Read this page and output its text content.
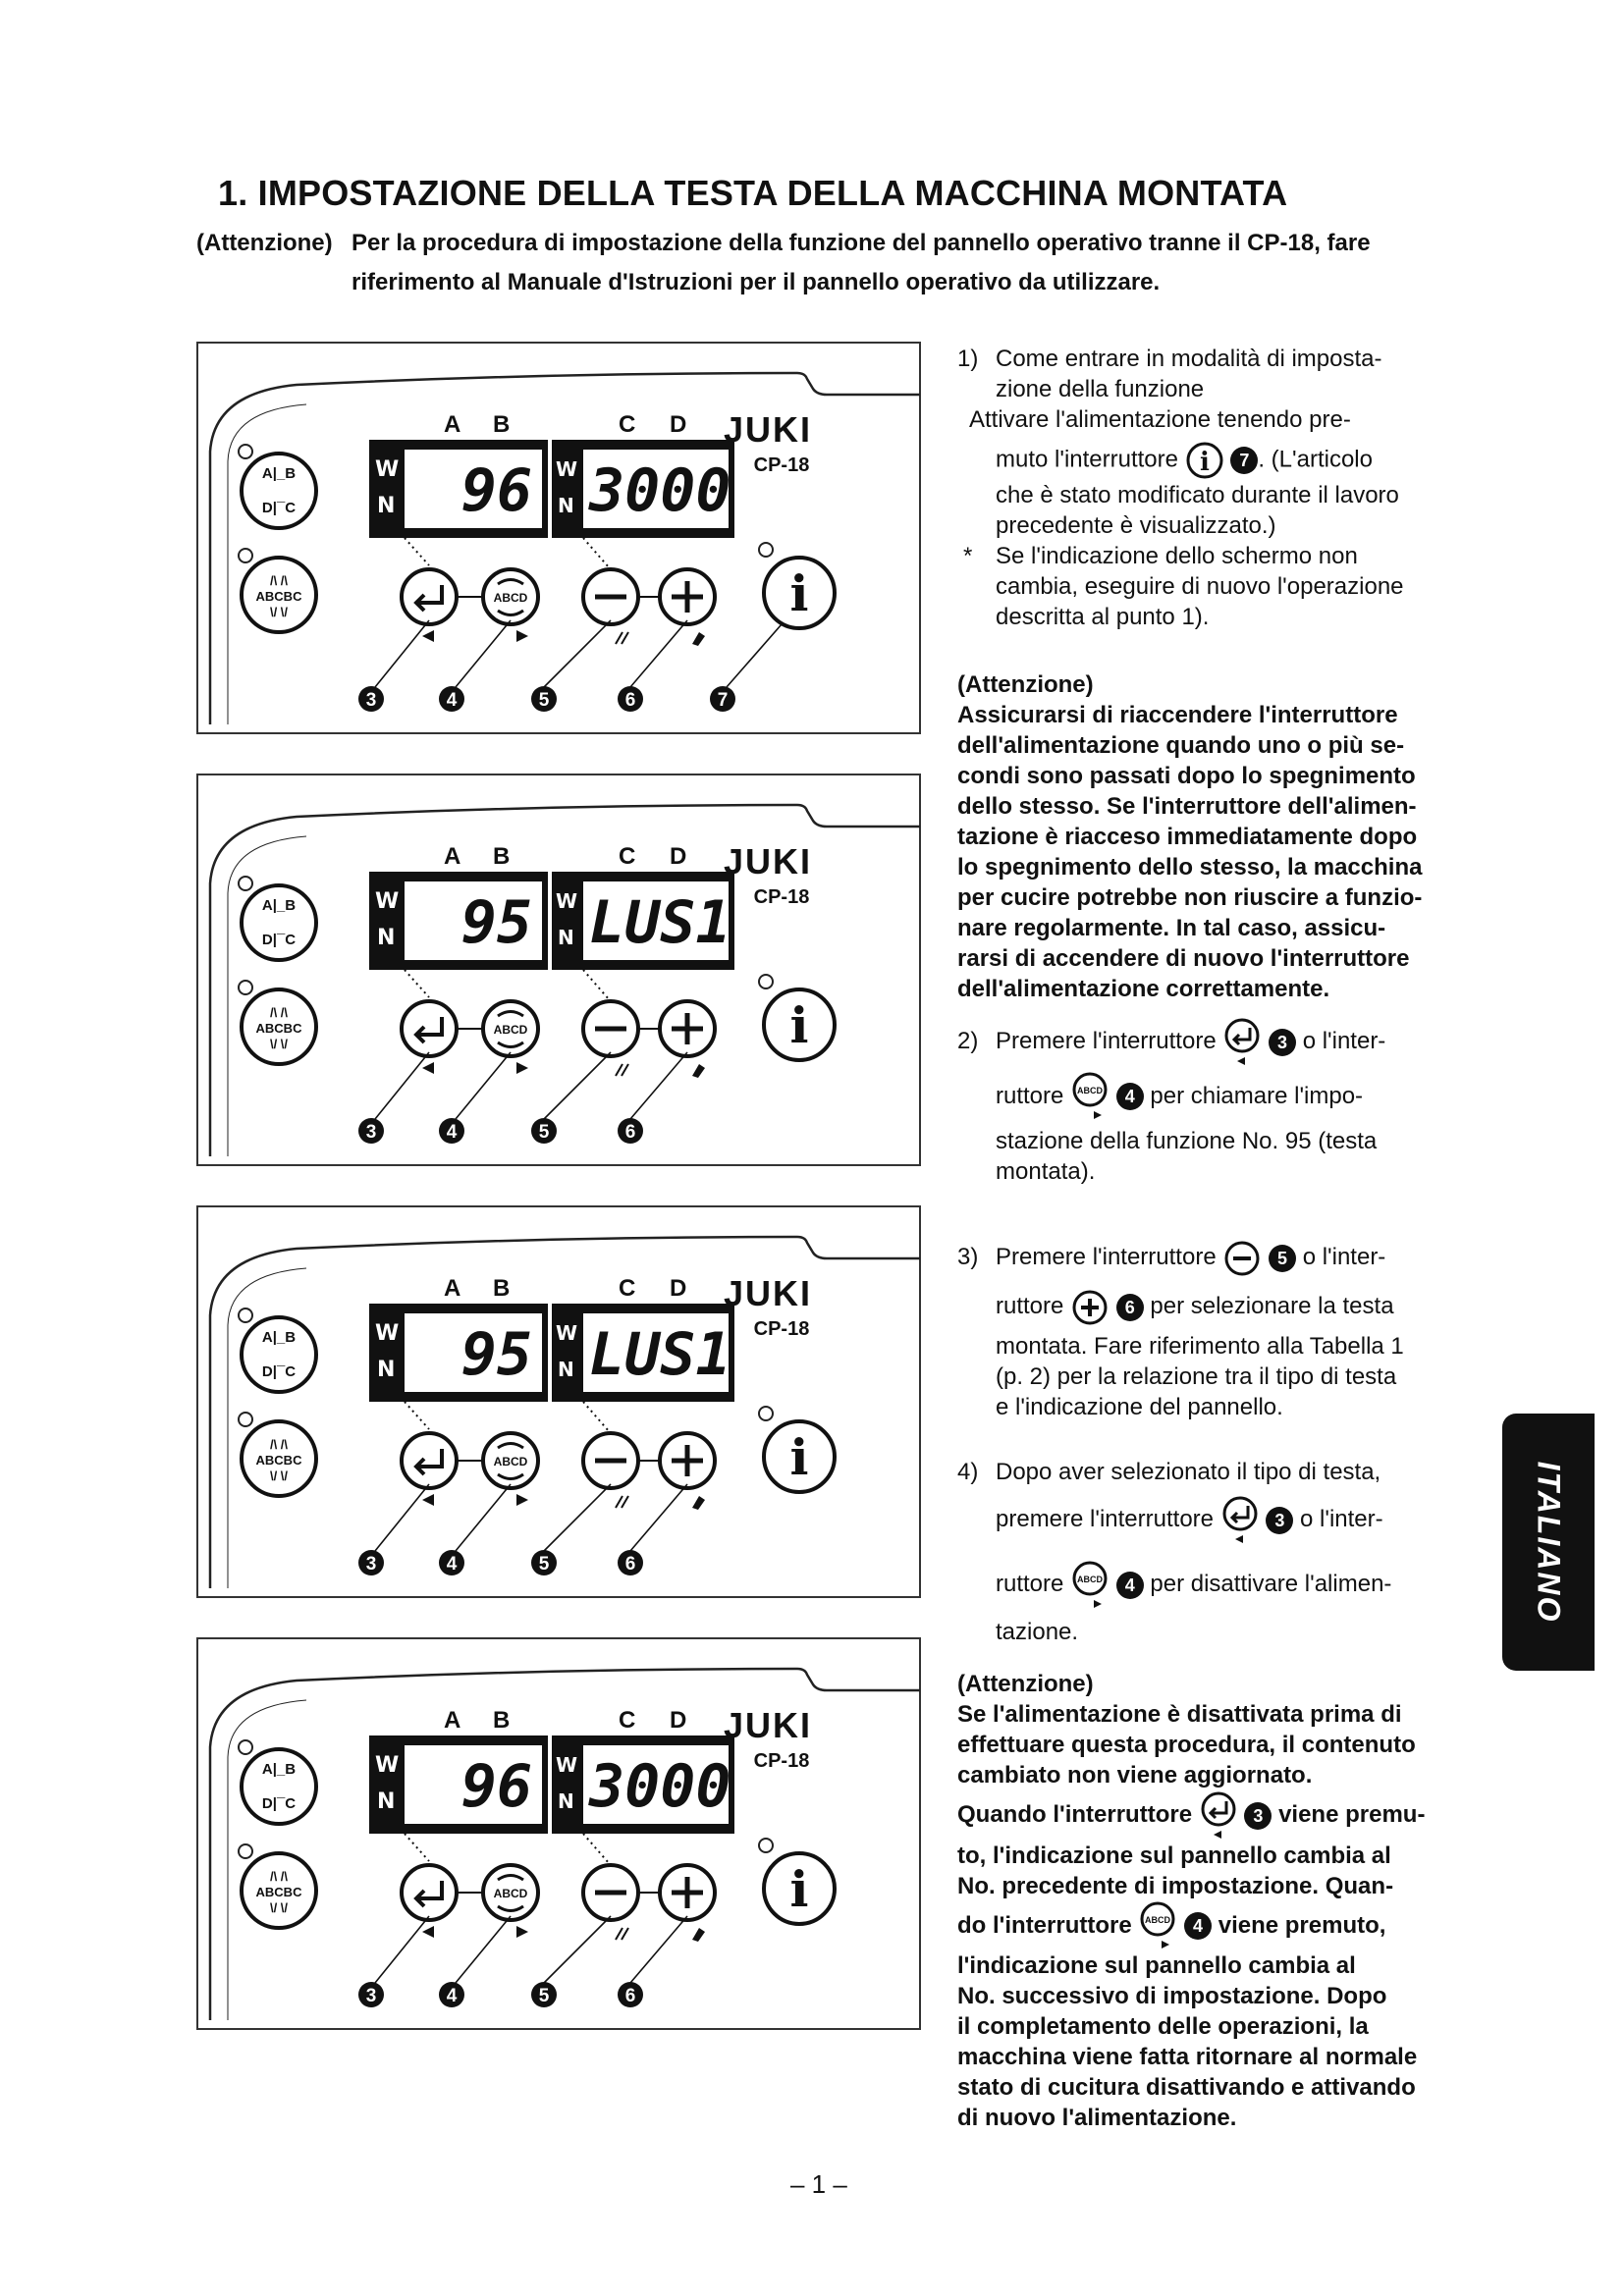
1. IMPOSTAZIONE DELLA TESTA DELLA MACCHINA MONTATA
(Attenzione) Per la procedura di impostazione della funzione del pannello operativo tranne il CP-18, fare
riferimento al Manuale d'Istruzioni per il pannello operativo da utilizzare.
A B	C D
W
N 96 W
N 3000
JUKI
CP-18
A|_B
D|¯C
/\ /\
ABCBC
\/ \/
ABCD	i
3	4	5	6	7
A B	C D
W
N 95 W
N LUS1
JUKI
CP-18
A|_B
D|¯C
/\ /\
ABCBC
\/ \/
ABCD	i
3	4	5	6
A B	C D
W
N 95 W
N LUS1
JUKI
CP-18
A|_B
D|¯C
/\ /\
ABCBC
\/ \/
ABCD	i
3	4	5	6
A B	C D
W
N 96 W
N 3000
JUKI
CP-18
A|_B
D|¯C
/\ /\
ABCBC
\/ \/
ABCD	i
3	4	5	6
1) Come entrare in modalità di imposta-
zione della funzione
Attivare l'alimentazione tenendo pre-
muto l'interruttore i 7 . (L'articolo
che è stato modificato durante il lavoro
precedente è visualizzato.)
* Se l'indicazione dello schermo non
cambia, eseguire di nuovo l'operazione
descritta al punto 1).
(Attenzione)
Assicurarsi di riaccendere l'interruttore
dell'alimentazione quando uno o più se-
condi sono passati dopo lo spegnimento
dello stesso. Se l'interruttore dell'alimen-
tazione è riacceso immediatamente dopo
lo spegnimento dello stesso, la macchina
per cucire potrebbe non riuscire a funzio-
nare regolarmente. In tal caso, assicu-
rarsi di accendere di nuovo l'interruttore
dell'alimentazione correttamente.
2) Premere l'interruttore	3 o l'inter-
ruttore ABCD 4 per chiamare l'impo-
stazione della funzione No. 95 (testa
montata).
3) Premere l'interruttore	5 o l'inter-
ruttore	6 per selezionare la testa
montata. Fare riferimento alla Tabella 1
(p. 2) per la relazione tra il tipo di testa
e l'indicazione del pannello.
4) Dopo aver selezionato il tipo di testa,
premere l'interruttore	3 o l'inter-
ruttore ABCD 4 per disattivare l'alimen-
tazione.
(Attenzione)
Se l'alimentazione è disattivata prima di
effettuare questa procedura, il contenuto
cambiato non viene aggiornato.
Quando l'interruttore	3 viene premu-
to, l'indicazione sul pannello cambia al
No. precedente di impostazione. Quan-
do l'interruttore ABCD 4 viene premuto,
l'indicazione sul pannello cambia al
No. successivo di impostazione. Dopo
il completamento delle operazioni, la
macchina viene fatta ritornare al normale
stato di cucitura disattivando e attivando
di nuovo l'alimentazione.
ITALIANO
– 1 –
